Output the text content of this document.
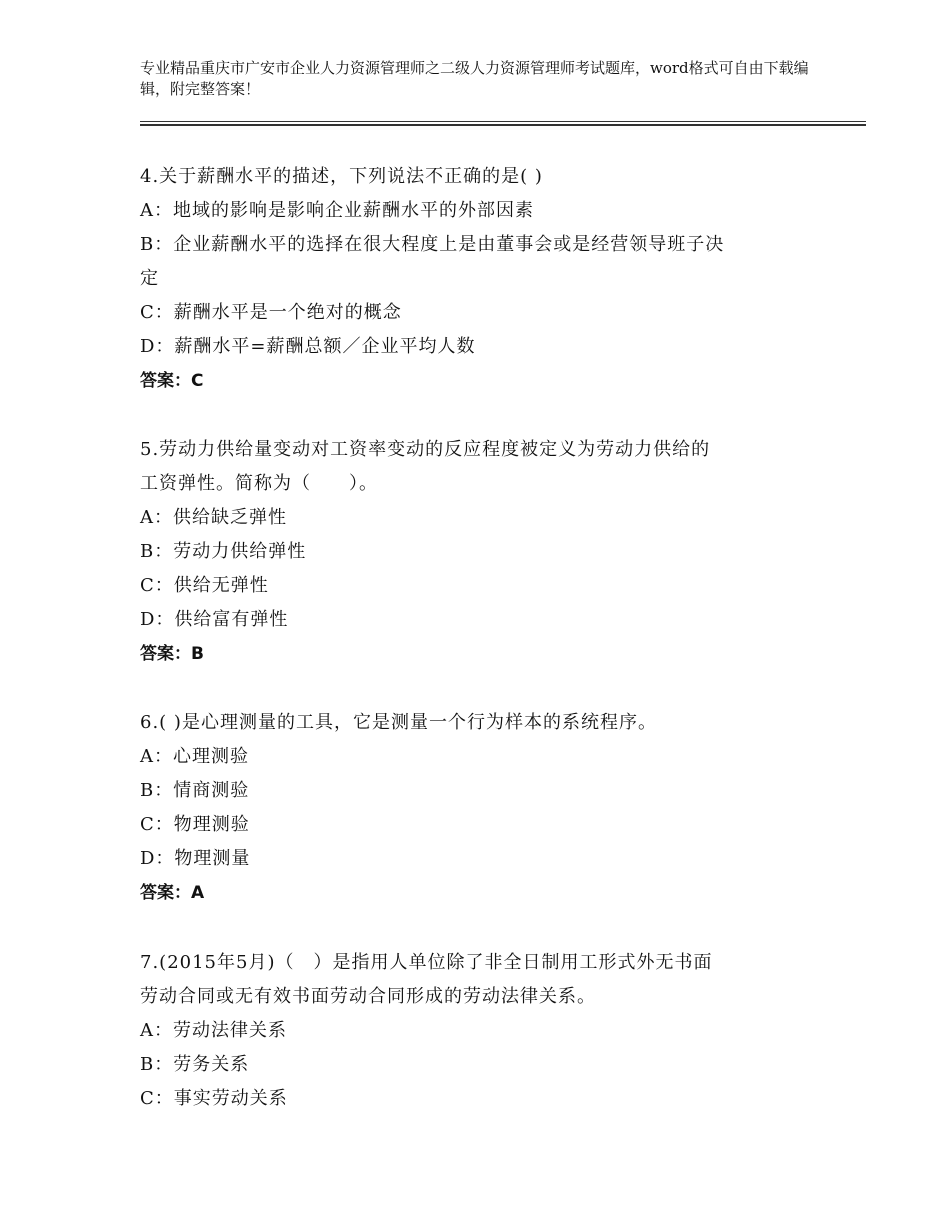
专业精品重庆市广安市企业人力资源管理师之二级人力资源管理师考试题库，word格式可自由下载编辑，附完整答案！
4.关于薪酬水平的描述，下列说法不正确的是( )
A：地域的影响是影响企业薪酬水平的外部因素
B：企业薪酬水平的选择在很大程度上是由董事会或是经营领导班子决
定
C：薪酬水平是一个绝对的概念
D：薪酬水平=薪酬总额／企业平均人数
答案：C
5.劳动力供给量变动对工资率变动的反应程度被定义为劳动力供给的
工资弹性。简称为（　　）。
A：供给缺乏弹性
B：劳动力供给弹性
C：供给无弹性
D：供给富有弹性
答案：B
6.( )是心理测量的工具，它是测量一个行为样本的系统程序。
A：心理测验
B：情商测验
C：物理测验
D：物理测量
答案：A
7.(2015年5月)（　）是指用人单位除了非全日制用工形式外无书面
劳动合同或无有效书面劳动合同形成的劳动法律关系。
A：劳动法律关系
B：劳务关系
C：事实劳动关系
